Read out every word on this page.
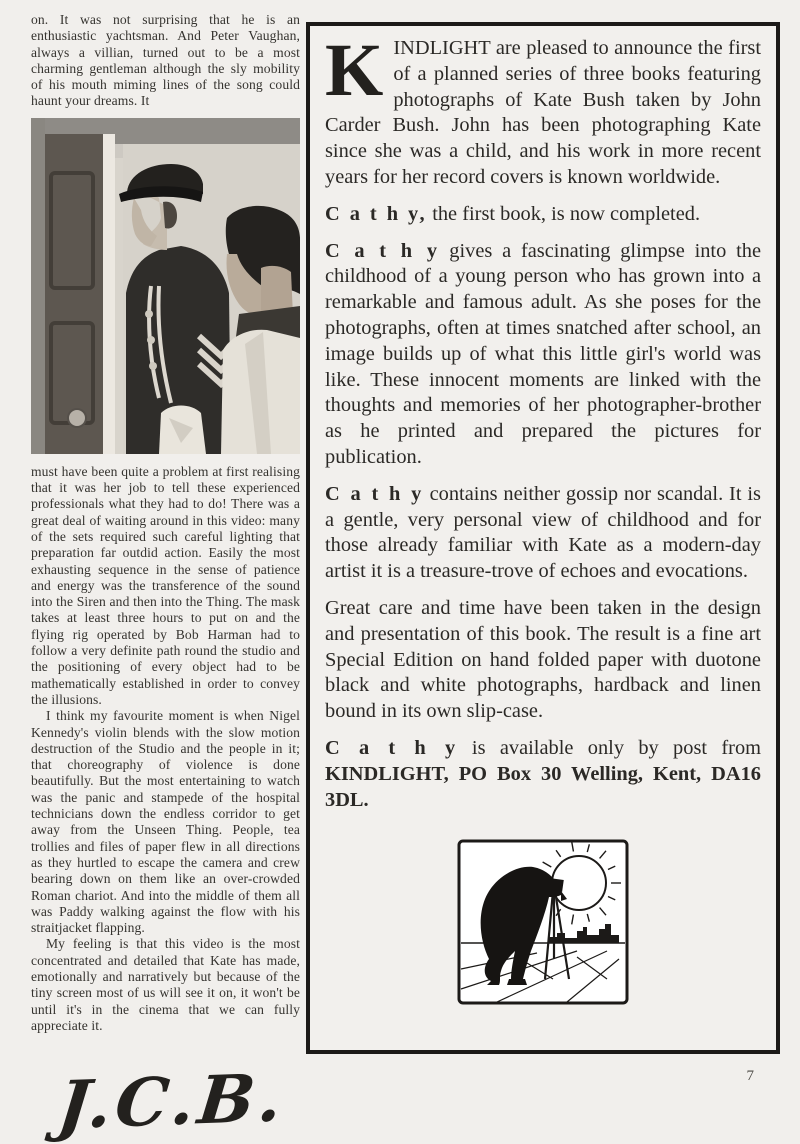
on. It was not surprising that he is an enthusiastic yachtsman. And Peter Vaughan, always a villian, turned out to be a most charming gentleman although the sly mobility of his mouth miming lines of the song could haunt your dreams. It

must have been quite a problem at first realising that it was her job to tell these experienced professionals what they had to do! There was a great deal of waiting around in this video: many of the sets required such careful lighting that preparation far outdid action. Easily the most exhausting sequence in the sense of patience and energy was the transference of the sound into the Siren and then into the Thing. The mask takes at least three hours to put on and the flying rig operated by Bob Harman had to follow a very definite path round the studio and the positioning of every object had to be mathematically established in order to convey the illusions.

I think my favourite moment is when Nigel Kennedy's violin blends with the slow motion destruction of the Studio and the people in it; that choreography of violence is done beautifully. But the most entertaining to watch was the panic and stampede of the hospital technicians down the endless corridor to get away from the Unseen Thing. People, tea trollies and files of paper flew in all directions as they hurtled to escape the camera and crew bearing down on them like an over-crowded Roman chariot. And into the middle of them all was Paddy walking against the flow with his straitjacket flapping.

My feeling is that this video is the most concentrated and detailed that Kate has made, emotionally and narratively but because of the tiny screen most of us will see it on, it won't be until it's in the cinema that we can fully appreciate it.

J.C.B.

KINDLIGHT are pleased to announce the first of a planned series of three books featuring photographs of Kate Bush taken by John Carder Bush. John has been photographing Kate since she was a child, and his work in more recent years for her record covers is known worldwide.

C a t h y, the first book, is now completed.

C a t h y gives a fascinating glimpse into the childhood of a young person who has grown into a remarkable and famous adult. As she poses for the photographs, often at times snatched after school, an image builds up of what this little girl's world was like. These innocent moments are linked with the thoughts and memories of her photographer-brother as he printed and prepared the pictures for publication.

C a t h y contains neither gossip nor scandal. It is a gentle, very personal view of childhood and for those already familiar with Kate as a modern-day artist it is a treasure-trove of echoes and evocations.

Great care and time have been taken in the design and presentation of this book. The result is a fine art Special Edition on hand folded paper with duotone black and white photographs, hardback and linen bound in its own slip-case.

C a t h y is available only by post from KINDLIGHT, PO Box 30 Welling, Kent, DA16 3DL.

7
